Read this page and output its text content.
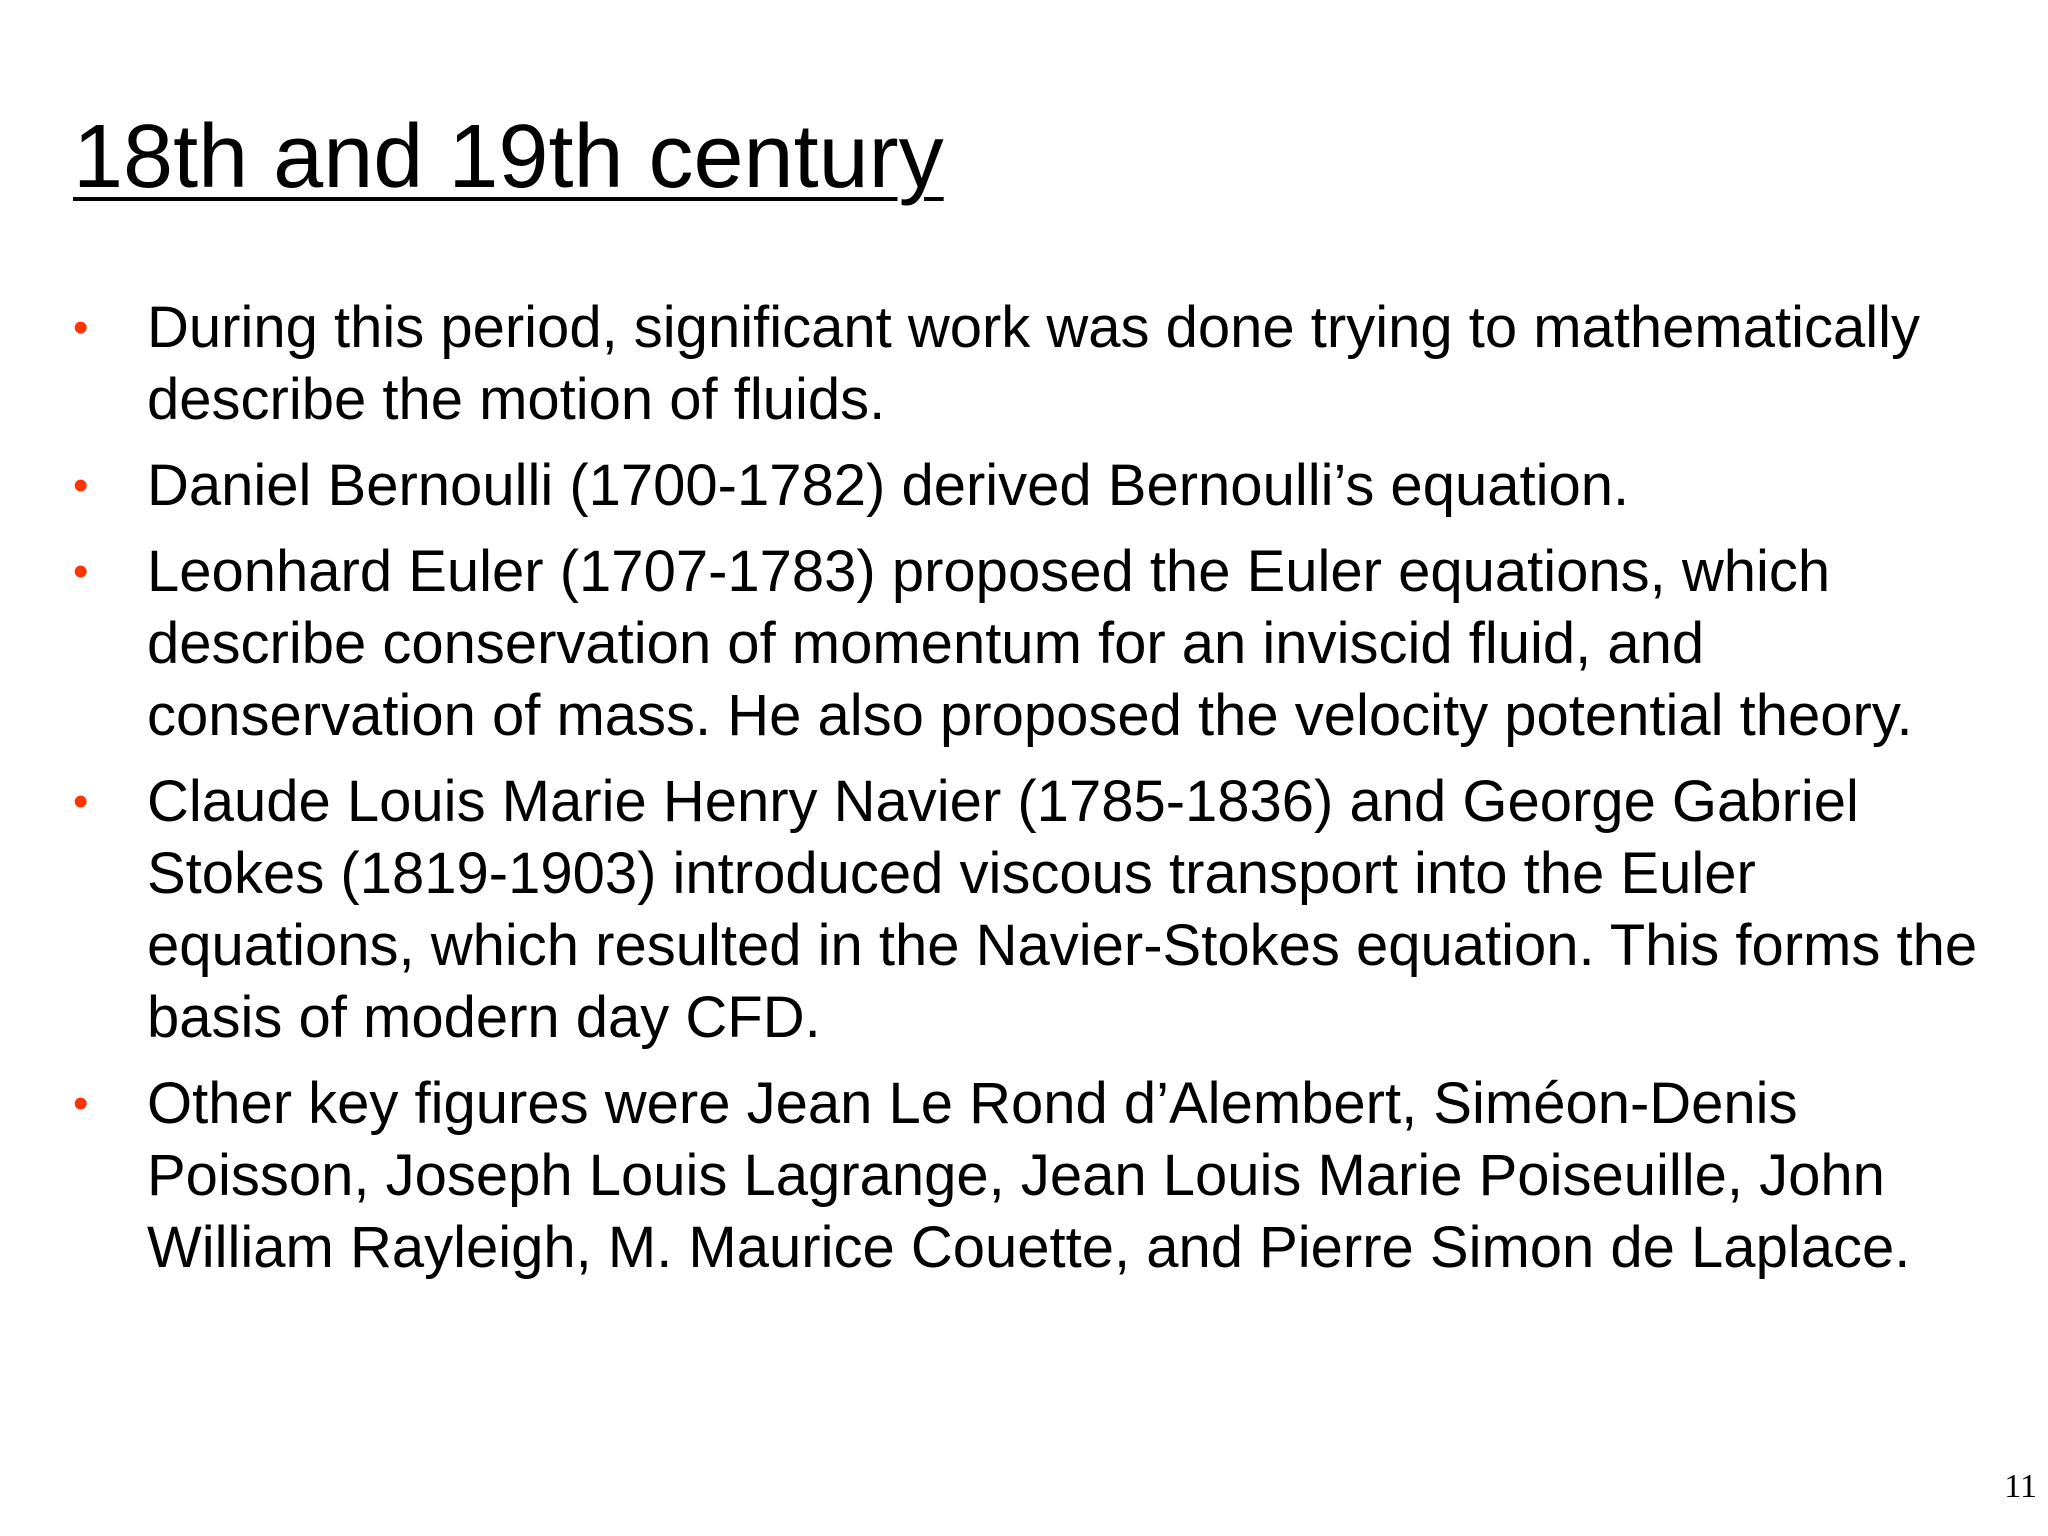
18th and 19th century
•	During this period, significant work was done trying to mathematically describe the motion of fluids.
•	Daniel Bernoulli (1700-1782) derived Bernoulli’s equation.
•	Leonhard Euler (1707-1783) proposed the Euler equations, which describe conservation of momentum for an inviscid fluid, and conservation of mass. He also proposed the velocity potential theory.
•	Claude Louis Marie Henry Navier (1785-1836) and George Gabriel Stokes (1819-1903) introduced viscous transport into the Euler equations, which resulted in the Navier-Stokes equation. This forms the basis of modern day CFD.
•	Other key figures were Jean Le Rond d’Alembert, Siméon-Denis Poisson, Joseph Louis Lagrange, Jean Louis Marie Poiseuille, John William Rayleigh, M. Maurice Couette, and Pierre Simon de Laplace.
11
